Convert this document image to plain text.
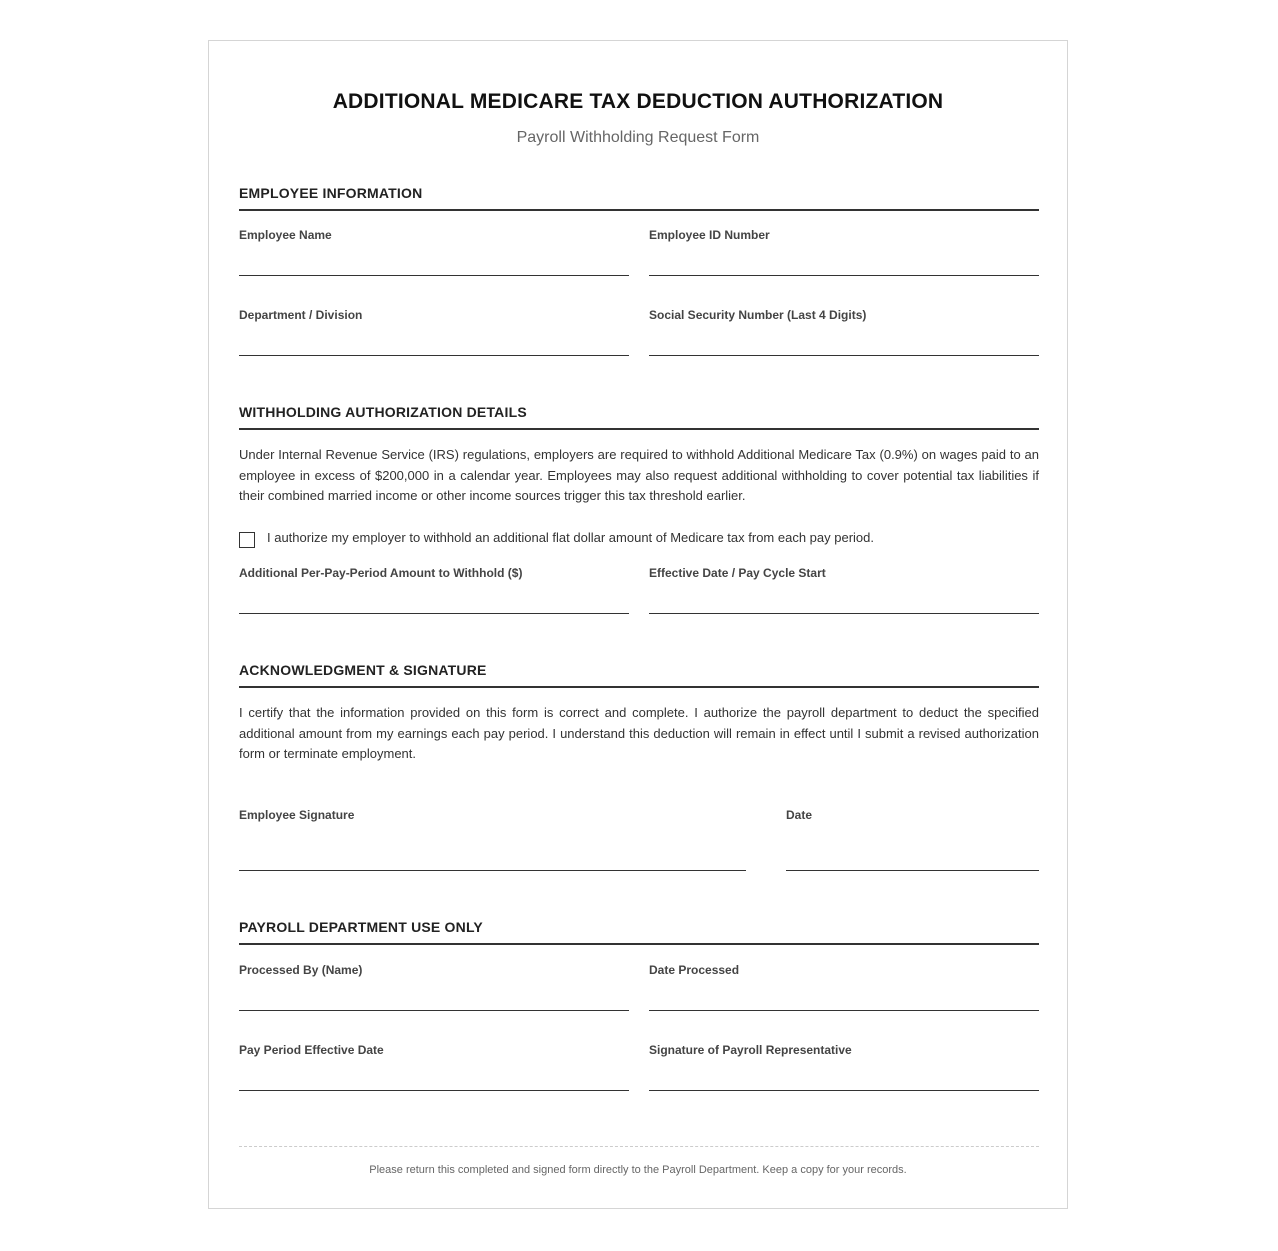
ADDITIONAL MEDICARE TAX DEDUCTION AUTHORIZATION
Payroll Withholding Request Form
EMPLOYEE INFORMATION
Employee Name	Employee ID Number
Department / Division	Social Security Number (Last 4 Digits)
WITHHOLDING AUTHORIZATION DETAILS

Under Internal Revenue Service (IRS) regulations, employers are required to withhold Additional Medicare Tax (0.9%) on wages paid to an employee in excess of $200,000 in a calendar year. Employees may also request additional withholding to cover potential tax liabilities if their combined married income or other income sources trigger this tax threshold earlier.

I authorize my employer to withhold an additional flat dollar amount of Medicare tax from each pay period.
Additional Per-Pay-Period Amount to Withhold ($)	Effective Date / Pay Cycle Start
ACKNOWLEDGMENT & SIGNATURE

I certify that the information provided on this form is correct and complete. I authorize the payroll department to deduct the specified additional amount from my earnings each pay period. I understand this deduction will remain in effect until I submit a revised authorization form or terminate employment.

Employee Signature	Date
PAYROLL DEPARTMENT USE ONLY
Processed By (Name)	Date Processed
Pay Period Effective Date	Signature of Payroll Representative
Please return this completed and signed form directly to the Payroll Department. Keep a copy for your records.
